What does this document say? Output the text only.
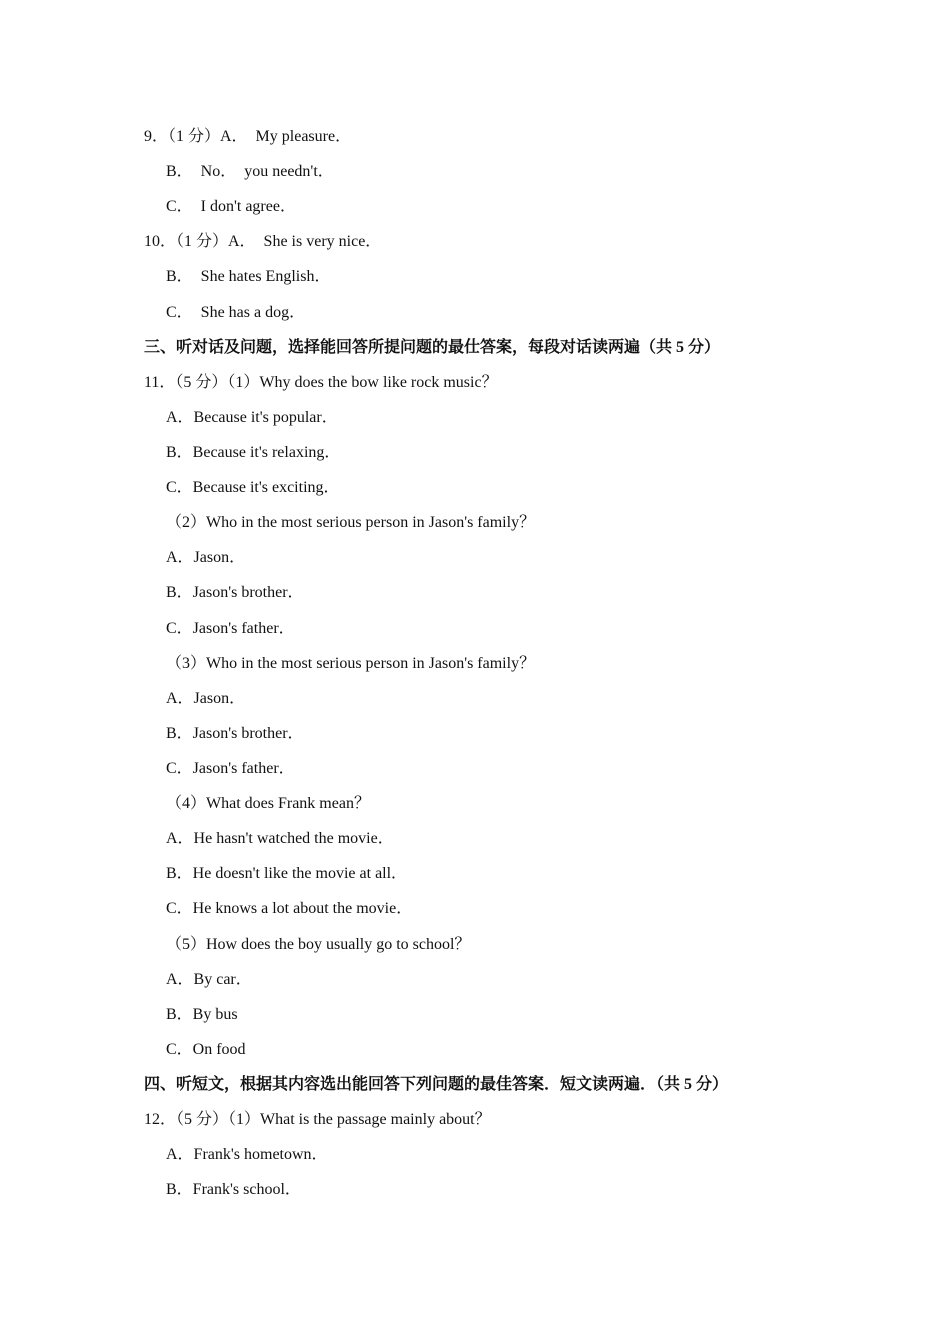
9．（1 分）A．　My pleasure．
B．　No．　you needn't．
C．　I don't agree．
10．（1 分）A．　She is very nice．
B．　She hates English．
C．　She has a dog．
三、听对话及问题，选择能回答所提问题的最仕答案，每段对话读两遍（共 5 分）
11．（5 分）（1）Why does the bow like rock music？
A．Because it's popular．
B．Because it's relaxing．
C．Because it's exciting．
（2）Who in the most serious person in Jason's family？
A．Jason．
B．Jason's brother．
C．Jason's father．
（3）Who in the most serious person in Jason's family？
A．Jason．
B．Jason's brother．
C．Jason's father．
（4）What does Frank mean？
A．He hasn't watched the movie．
B．He doesn't like the movie at all．
C．He knows a lot about the movie．
（5）How does the boy usually go to school？
A．By car．
B．By bus
C．On food
四、听短文，根据其内容选出能回答下列问题的最佳答案．短文读两遍．（共 5 分）
12．（5 分）（1）What is the passage mainly about？
A．Frank's hometown．
B．Frank's school．
